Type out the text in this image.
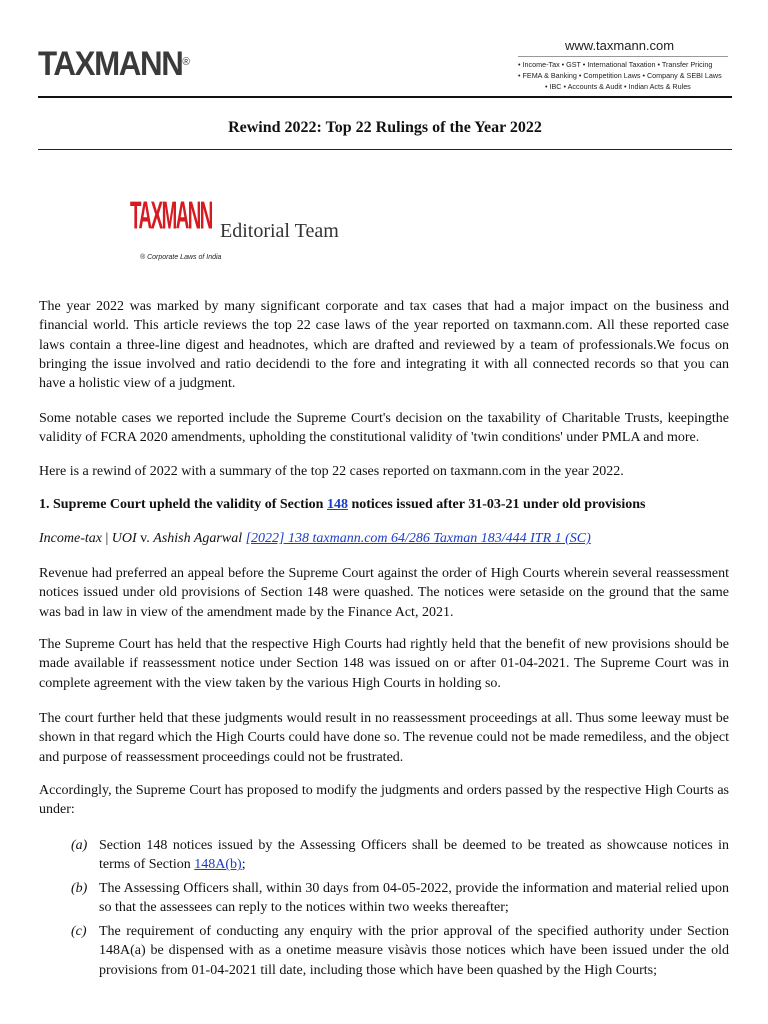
TAXMANN®
www.taxmann.com
• Income-Tax • GST • International Taxation • Transfer Pricing
• FEMA & Banking • Competition Laws • Company & SEBI Laws
• IBC • Accounts & Audit • Indian Acts & Rules
Rewind 2022: Top 22 Rulings of the Year 2022
TAXMANN
® Corporate Laws of India
Editorial Team

The year 2022 was marked by many significant corporate and tax cases that had a major impact on the business and financial world. This article reviews the top 22 case laws of the year reported on taxmann.com. All these reported case laws contain a three-line digest and headnotes, which are drafted and reviewed by a team of professionals.We focus on bringing the issue involved and ratio decidendi to the fore and integrating it with all connected records so that you can have a holistic view of a judgment.

Some notable cases we reported include the Supreme Court's decision on the taxability of Charitable Trusts, keepingthe validity of FCRA 2020 amendments, upholding the constitutional validity of 'twin conditions' under PMLA and more.

Here is a rewind of 2022 with a summary of the top 22 cases reported on taxmann.com in the year 2022.

1. Supreme Court upheld the validity of Section 148 notices issued after 31-03-21 under old provisions

Income-tax | UOI v. Ashish Agarwal [2022] 138 taxmann.com 64/286 Taxman 183/444 ITR 1 (SC)

Revenue had preferred an appeal before the Supreme Court against the order of High Courts wherein several reassessment notices issued under old provisions of Section 148 were quashed. The notices were setaside on the ground that the same was bad in law in view of the amendment made by the Finance Act, 2021.

The Supreme Court has held that the respective High Courts had rightly held that the benefit of new provisions should be made available if reassessment notice under Section 148 was issued on or after 01-04-2021. The Supreme Court was in complete agreement with the view taken by the various High Courts in holding so.

The court further held that these judgments would result in no reassessment proceedings at all. Thus some leeway must be shown in that regard which the High Courts could have done so. The revenue could not be made remediless, and the object and purpose of reassessment proceedings could not be frustrated.

Accordingly, the Supreme Court has proposed to modify the judgments and orders passed by the respective High Courts as under:

(a) Section 148 notices issued by the Assessing Officers shall be deemed to be treated as showcause notices in terms of Section 148A(b);
(b) The Assessing Officers shall, within 30 days from 04-05-2022, provide the information and material relied upon so that the assessees can reply to the notices within two weeks thereafter;
(c) The requirement of conducting any enquiry with the prior approval of the specified authority under Section 148A(a) be dispensed with as a onetime measure visàvis those notices which have been issued under the old provisions from 01-04-2021 till date, including those which have been quashed by the High Courts;
